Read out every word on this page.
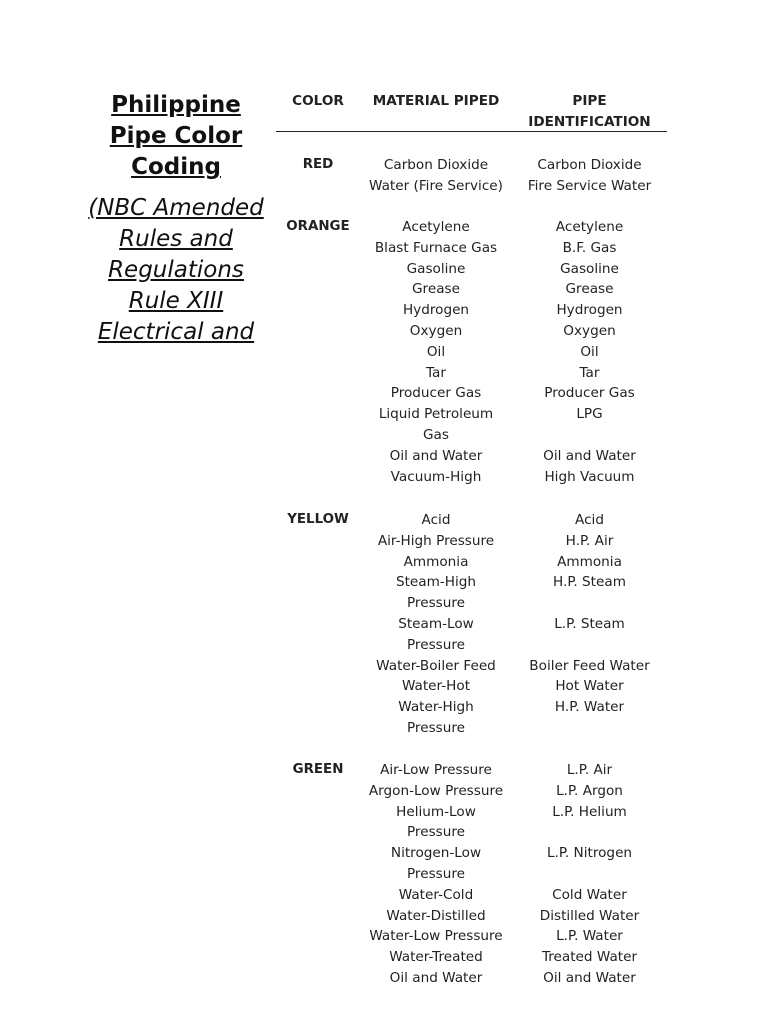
Philippine Pipe Color Coding
(NBC Amended Rules and Regulations Rule XIII Electrical and
COLOR	MATERIAL PIPED	PIPE IDENTIFICATION
RED	Carbon Dioxide	Carbon Dioxide
Water (Fire Service)	Fire Service Water
ORANGE	Acetylene	Acetylene
Blast Furnace Gas	B.F. Gas
Gasoline	Gasoline
Grease	Grease
Hydrogen	Hydrogen
Oxygen	Oxygen
Oil	Oil
Tar	Tar
Producer Gas	Producer Gas
Liquid Petroleum	LPG
Gas
Oil and Water	Oil and Water
Vacuum-High	High Vacuum
YELLOW	Acid	Acid
Air-High Pressure	H.P. Air
Ammonia	Ammonia
Steam-High	H.P. Steam
Pressure
Steam-Low	L.P. Steam
Pressure
Water-Boiler Feed	Boiler Feed Water
Water-Hot	Hot Water
Water-High	H.P. Water
Pressure
GREEN	Air-Low Pressure	L.P. Air
Argon-Low Pressure	L.P. Argon
Helium-Low	L.P. Helium
Pressure
Nitrogen-Low	L.P. Nitrogen
Pressure
Water-Cold	Cold Water
Water-Distilled	Distilled Water
Water-Low Pressure	L.P. Water
Water-Treated	Treated Water
Oil and Water	Oil and Water
